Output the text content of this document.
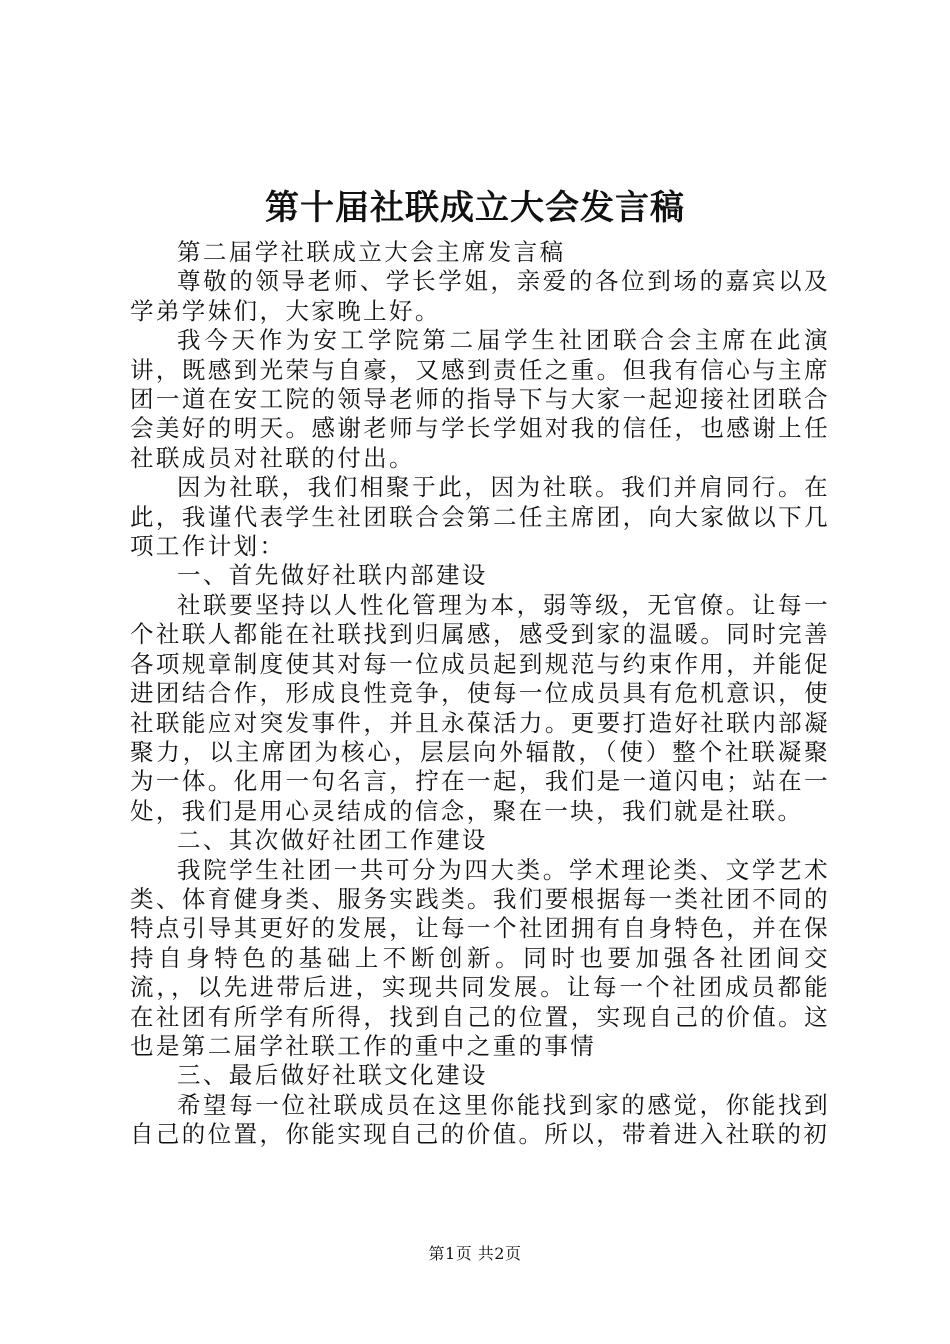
第十届社联成立大会发言稿

第二届学社联成立大会主席发言稿

尊敬的领导老师、学长学姐，亲爱的各位到场的嘉宾以及学弟学妹们，大家晚上好。

我今天作为安工学院第二届学生社团联合会主席在此演讲，既感到光荣与自豪，又感到责任之重。但我有信心与主席团一道在安工院的领导老师的指导下与大家一起迎接社团联合会美好的明天。感谢老师与学长学姐对我的信任，也感谢上任社联成员对社联的付出。

因为社联，我们相聚于此，因为社联。我们并肩同行。在此，我谨代表学生社团联合会第二任主席团，向大家做以下几项工作计划：

一、首先做好社联内部建设

社联要坚持以人性化管理为本，弱等级，无官僚。让每一个社联人都能在社联找到归属感，感受到家的温暖。同时完善各项规章制度使其对每一位成员起到规范与约束作用，并能促进团结合作，形成良性竞争，使每一位成员具有危机意识，使社联能应对突发事件，并且永葆活力。更要打造好社联内部凝聚力，以主席团为核心，层层向外辐散，（使）整个社联凝聚为一体。化用一句名言，拧在一起，我们是一道闪电；站在一处，我们是用心灵结成的信念，聚在一块，我们就是社联。

二、其次做好社团工作建设

我院学生社团一共可分为四大类。学术理论类、文学艺术类、体育健身类、服务实践类。我们要根据每一类社团不同的特点引导其更好的发展，让每一个社团拥有自身特色，并在保持自身特色的基础上不断创新。同时也要加强各社团间交流，，以先进带后进，实现共同发展。让每一个社团成员都能在社团有所学有所得，找到自己的位置，实现自己的价值。这也是第二届学社联工作的重中之重的事情

三、最后做好社联文化建设

希望每一位社联成员在这里你能找到家的感觉，你能找到自己的位置，你能实现自己的价值。所以，带着进入社联的初

第1页 共2页
